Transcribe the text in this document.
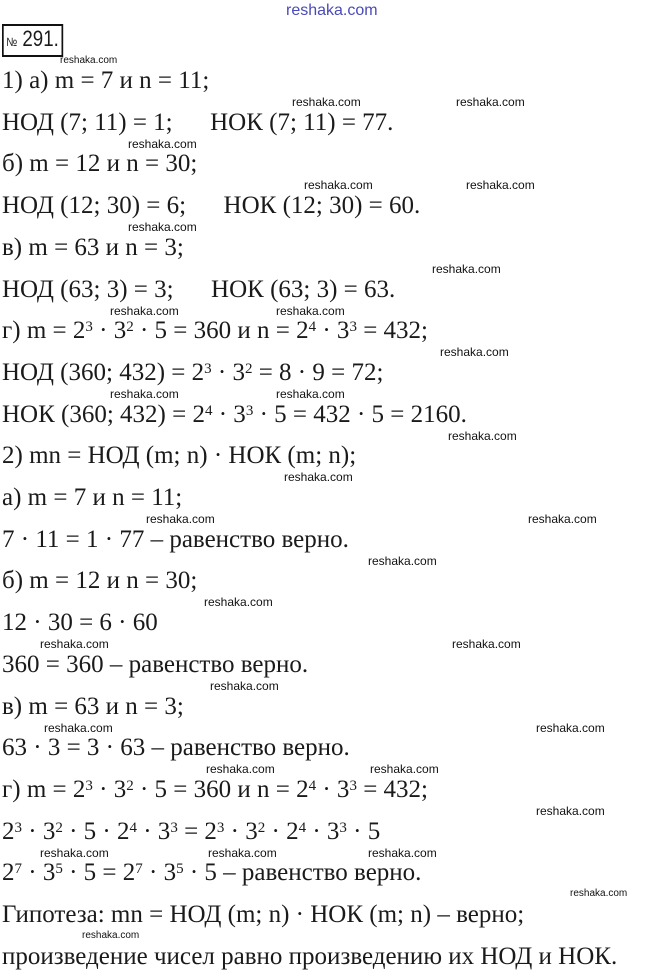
reshaka.com
№ 291.
1) а) m = 7 и n = 11;
НОД (7; 11) = 1;      НОК (7; 11) = 77.
б) m = 12 и n = 30;
НОД (12; 30) = 6;      НОК (12; 30) = 60.
в) m = 63 и n = 3;
НОД (63; 3) = 3;      НОК (63; 3) = 63.
г) $m = 2^3 \cdot 3^2 \cdot 5 = 360$ и $n = 2^4 \cdot 3^3 = 432$;
НОД (360; $432) = 2^3 \cdot 3^2 = 8 \cdot 9 = 72$;
НОК (360; $432) = 2^4 \cdot 3^3 \cdot 5 = 432 \cdot 5 = 2160$.
2) mn = НОД (m; n) · НОК (m; n);
а) m = 7 и n = 11;
7 · 11 = 1 · 77 – равенство верно.
б) m = 12 и n = 30;
12 · 30 = 6 · 60
360 = 360 – равенство верно.
в) m = 63 и n = 3;
63 · 3 = 3 · 63 – равенство верно.
г) $m = 2^3 \cdot 3^2 \cdot 5 = 360$ и $n = 2^4 \cdot 3^3 = 432$;
$2^3 \cdot 3^2 \cdot 5 \cdot 2^4 \cdot 3^3 = 2^3 \cdot 3^2 \cdot 2^4 \cdot 3^3 \cdot 5$
$2^7 \cdot 3^5 \cdot 5 = 2^7 \cdot 3^5 \cdot 5$ – равенство верно.
Гипотеза: mn = НОД (m; n) · НОК (m; n) – верно;
произведение чисел равно произведению их НОД и НОК.
reshaka.com
reshaka.com	reshaka.com
reshaka.com
reshaka.com	reshaka.com
reshaka.com
reshaka.com
reshaka.com	reshaka.com
reshaka.com
reshaka.com	reshaka.com
reshaka.com
reshaka.com
reshaka.com	reshaka.com
reshaka.com
reshaka.com
reshaka.com	reshaka.com
reshaka.com
reshaka.com	reshaka.com
reshaka.com
reshaka.com
reshaka.com
reshaka.com	reshaka.com	reshaka.com
reshaka.com
reshaka.com
